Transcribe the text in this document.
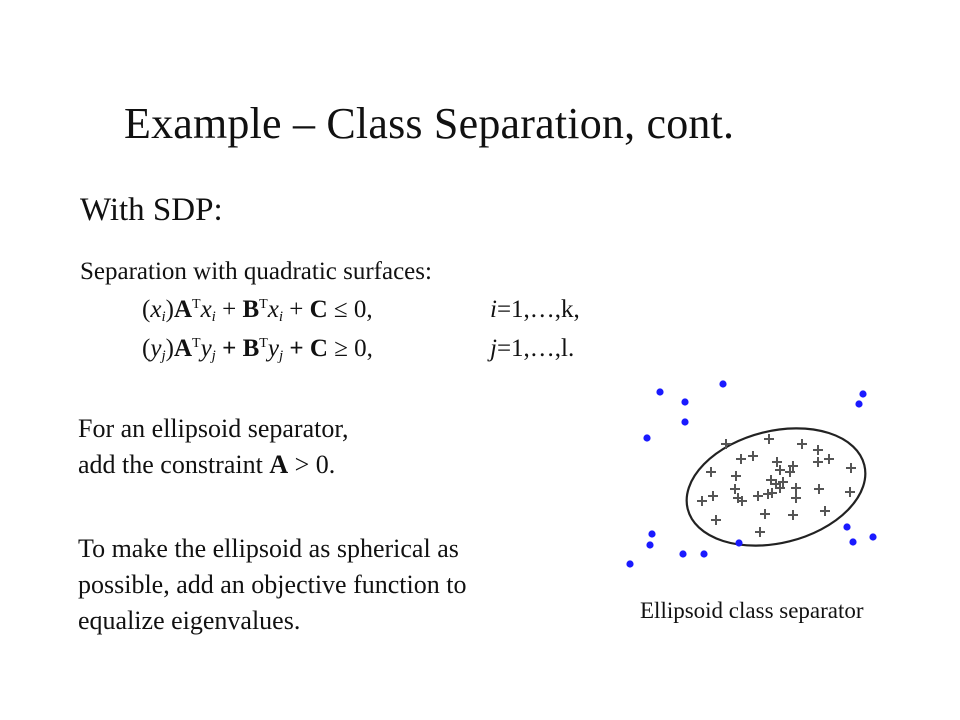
Example – Class Separation, cont.
With SDP:
Separation with quadratic surfaces:
$(x_i)A^Tx_i + B^Tx_i + C \le 0$,	i=1,…,k,
$(y_j)A^Ty_j + B^Ty_j + C \ge 0$,	j=1,…,l.
For an ellipsoid separator,
add the constraint A > 0.
To make the ellipsoid as spherical as
possible, add an objective function to
equalize eigenvalues.	Ellipsoid class separator
